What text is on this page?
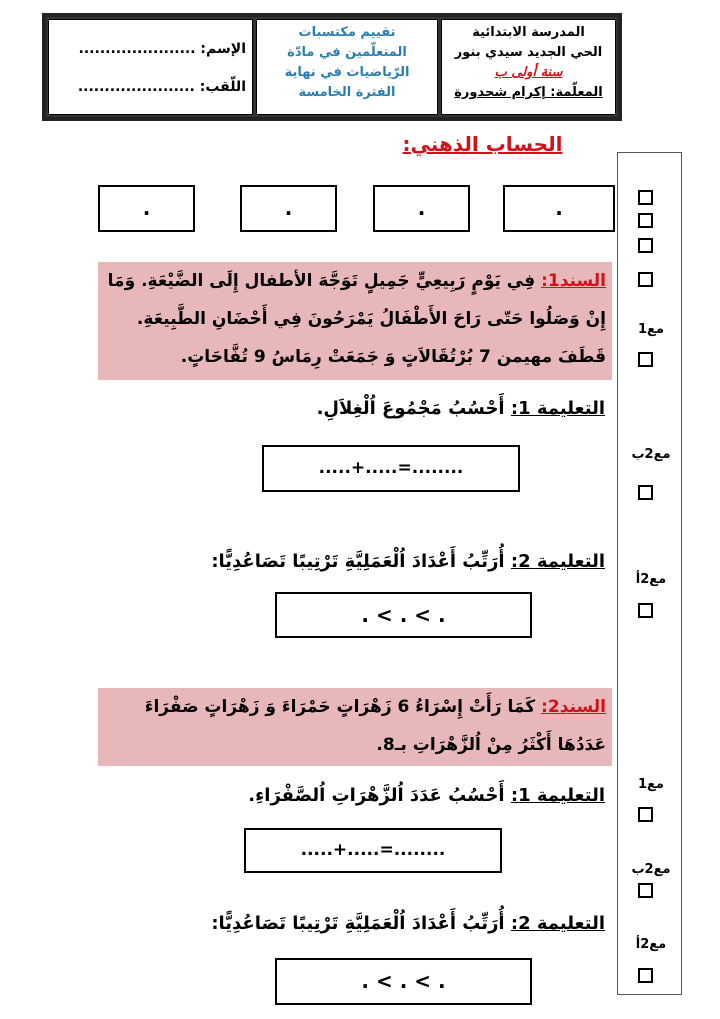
المدرسة الابتدائية
الحي الجديد سيدي بنور
سنة أولى ب
المعلّمة: إكرام شحدورة
تقييم مكتسبات
المتعلّمين في مادّة
الرّياضيات في نهاية
الفترة الخامسة
الإسم: ......................
اللّقب: ......................
الحساب الذهني:
.
.
.
.
مع1
مع2ب
مع2أ
مع1
مع2ب
مع2أ
السند1: فِي يَوْمٍ رَبِيعِيٍّ جَمِيلٍ تَوَجَّهَ الأطفال إِلَى الضَّيْعَةِ. وَمَا إِنْ وَصَلُوا حَتّى رَاحَ الأَطْفَالُ يَمْرَحُونَ فِي أَحْضَانِ الطَّبِيعَةِ.
قَطَفَ مهيمن 7 بُرْتُقَالاَتٍ وَ جَمَعَتْ رِمَاسُ 9 تُفَّاحَاتٍ.
التعليمة 1: أَحْسُبُ مَجْمُوعَ اُلْغِلاَلِ.
.....+.....=........
التعليمة 2: أُرَتِّبُ أَعْدَادَ اُلْعَمَلِيَّةِ تَرْتِيبًا تَصَاعُدِيًّا:
. < . < .
السند2: كَمَا رَأَتْ إِسْرَاءُ 6 زَهْرَاتٍ حَمْرَاءَ وَ زَهْرَاتٍ صَفْرَاءَ عَدَدُهَا أَكْثَرُ مِنْ اُلزَّهْرَاتِ بـ8.
التعليمة 1: أَحْسُبُ عَدَدَ اُلزَّهْرَاتِ اُلصَّفْرَاءِ.
.....+.....=........
التعليمة 2: أُرَتِّبُ أَعْدَادَ اُلْعَمَلِيَّةِ تَرْتِيبًا تَصَاعُدِيًّا:
. < . < .
